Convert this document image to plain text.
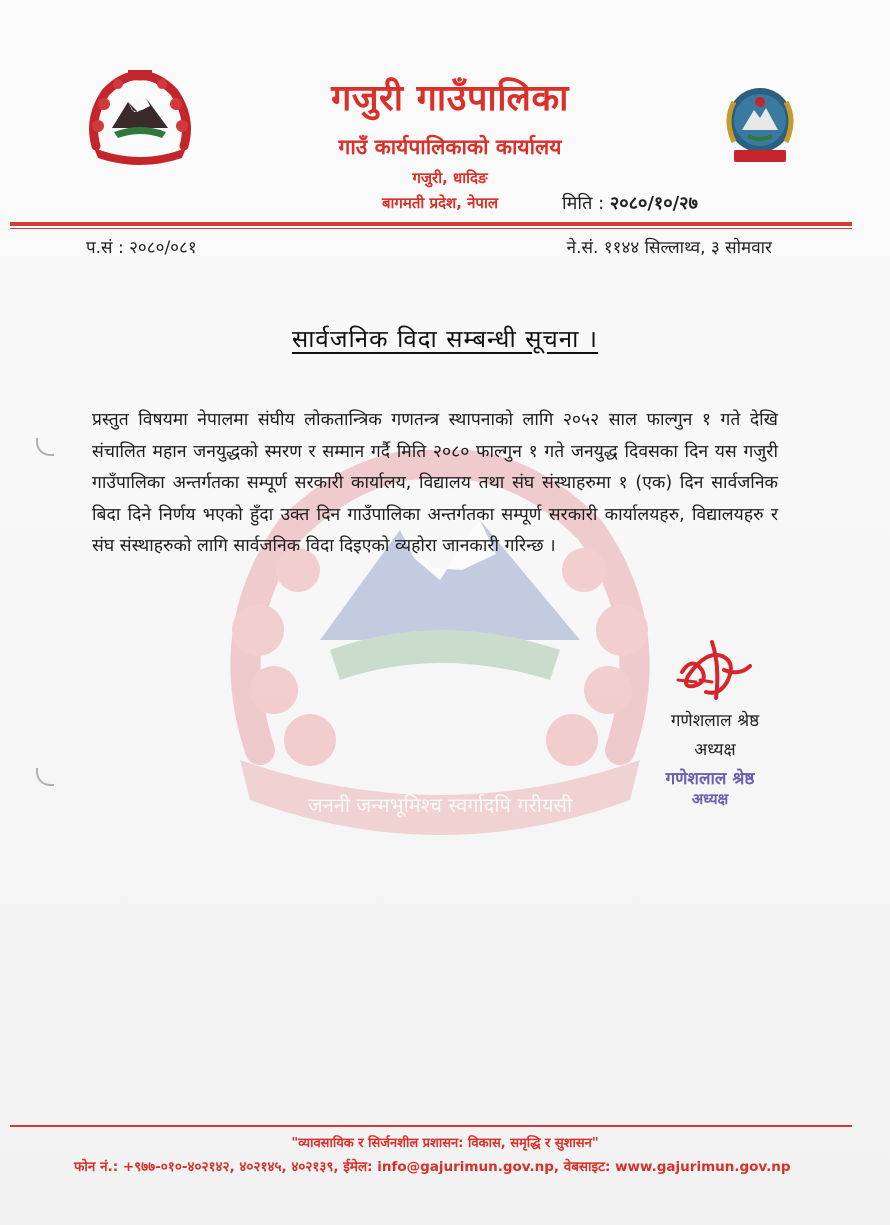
गजुरी गाउँपालिका
गाउँ कार्यपालिकाको कार्यालय
गजुरी, धादिङ
बागमती प्रदेश, नेपाल	मिति : २०८०/१०/२७
प.सं : २०८०/०८१	ने.सं. ११४४ सिल्लाथ्व, ३ सोमवार
सार्वजनिक विदा सम्बन्धी सूचना ।
जननी जन्मभूमिश्च स्वर्गादपि गरीयसी
प्रस्तुत विषयमा नेपालमा संघीय लोकतान्त्रिक गणतन्त्र स्थापनाको लागि २०५२ साल फाल्गुन १ गते देखि संचालित महान जनयुद्धको स्मरण र सम्मान गर्दै मिति २०८० फाल्गुन १ गते जनयुद्ध दिवसका दिन यस गजुरी गाउँपालिका अन्तर्गतका सम्पूर्ण सरकारी कार्यालय, विद्यालय तथा संघ संस्थाहरुमा १ (एक) दिन सार्वजनिक बिदा दिने निर्णय भएको हुँदा उक्त दिन गाउँपालिका अन्तर्गतका सम्पूर्ण सरकारी कार्यालयहरु, विद्यालयहरु र संघ संस्थाहरुको लागि सार्वजनिक विदा दिइएको व्यहोरा जानकारी गरिन्छ ।
गणेशलाल श्रेष्ठ
अध्यक्ष
गणेशलाल श्रेष्ठ
अध्यक्ष
"व्यावसायिक र सिर्जनशील प्रशासन: विकास, समृद्धि र सुशासन"
फोन नं.: +९७७-०१०-४०२१४२, ४०२१४५, ४०२१३९, ईमेल: info@gajurimun.gov.np, वेबसाइट: www.gajurimun.gov.np
